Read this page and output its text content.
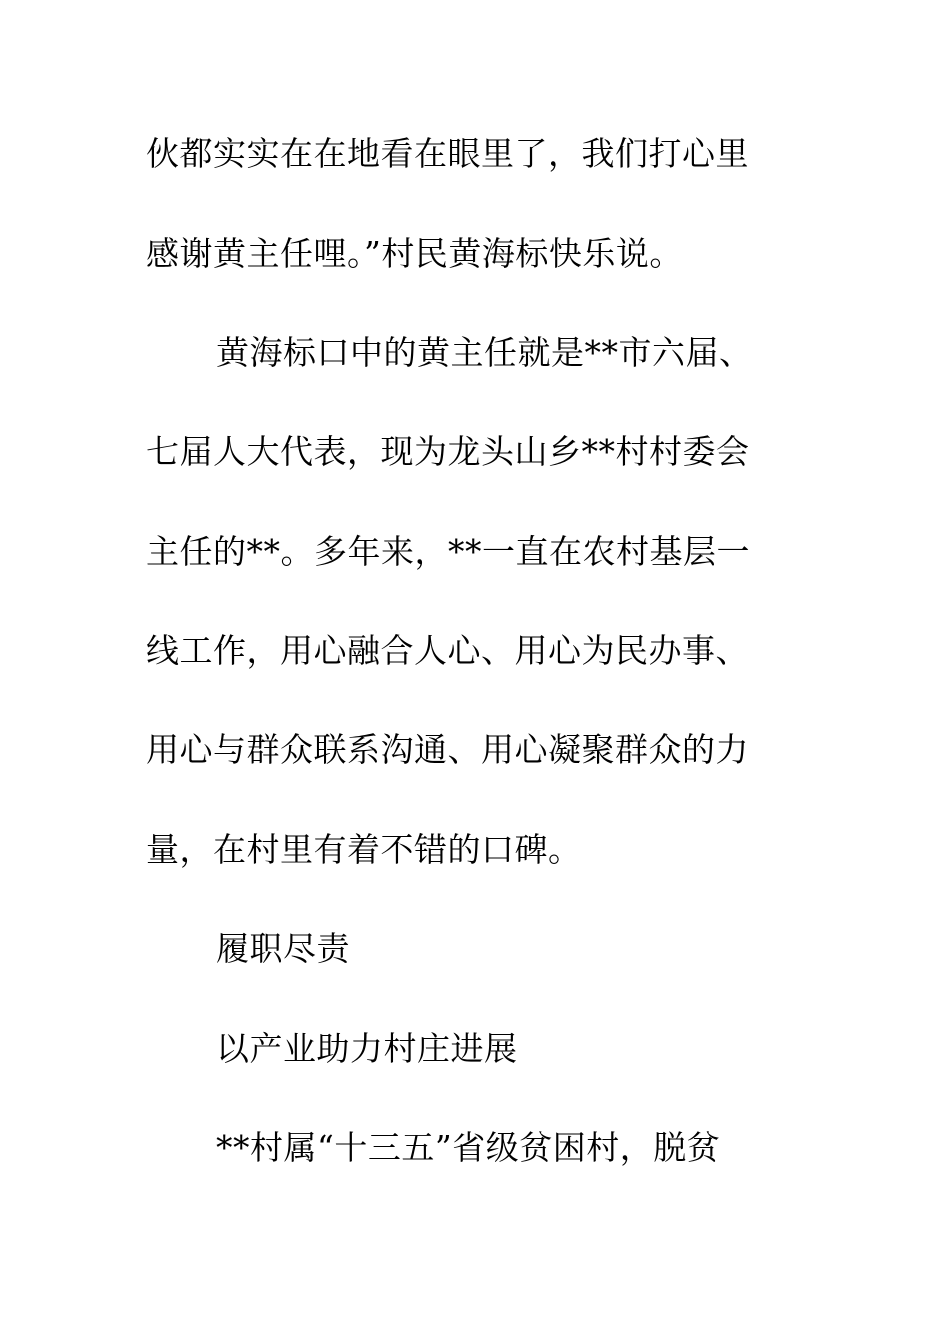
伙都实实在在地看在眼里了，我们打心里
感谢黄主任哩。”村民黄海标快乐说。
黄海标口中的黄主任就是**市六届、
七届人大代表，现为龙头山乡**村村委会
主任的**。多年来，**一直在农村基层一
线工作，用心融合人心、用心为民办事、
用心与群众联系沟通、用心凝聚群众的力
量，在村里有着不错的口碑。
履职尽责
以产业助力村庄进展
**村属“十三五”省级贫困村，脱贫
